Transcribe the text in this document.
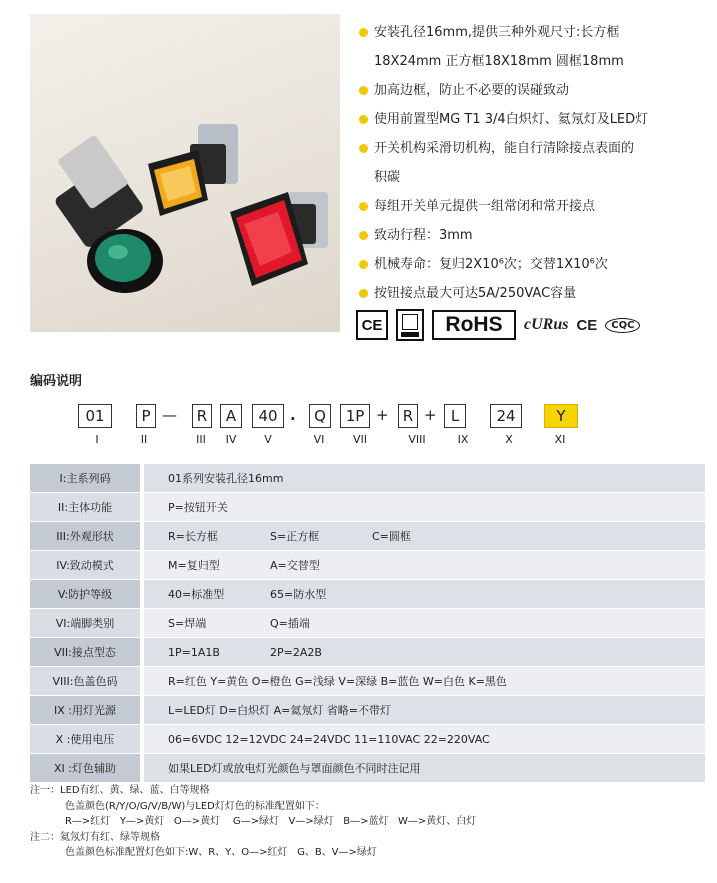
安装孔径16mm,提供三种外观尺寸:长方框
18X24mm 正方框18X18mm 圆框18mm
加高边框，防止不必要的误碰致动
使用前置型MG T1 3/4白炽灯、氦氖灯及LED灯
开关机构采滑切机构，能自行清除接点表面的
积碳
每组开关单元提供一组常闭和常开接点
致动行程：3mm
机械寿命：复归2X10⁶次；交替1X10⁶次
按钮接点最大可达5A/250VAC容量
CE	RoHS	cURus CE	CQC
编码说明
01	P —	R	A	40 .	Q	1P + R + L	24	Y
I	II	III	IV	V	VI	VII	VIII	IX	X	XI
I:主系列码		01系列安装孔径16mm
II:主体功能		P=按钮开关
III:外观形状		R=长方框 S=正方框 C=圆框
IV:致动模式		M=复归型 A=交替型
V:防护等级		40=标准型 65=防水型
VI:端脚类别		S=焊端 Q=插端
VII:接点型态		1P=1A1B 2P=2A2B
VIII:色盖色码		R=红色 Y=黄色 O=橙色 G=浅绿 V=深绿 B=蓝色 W=白色 K=黑色
IX :用灯光源		L=LED灯 D=白炽灯 A=氦氖灯 省略=不带灯
X :使用电压		06=6VDC 12=12VDC 24=24VDC 11=110VAC 22=220VAC
XI :灯色辅助		如果LED灯或放电灯光颜色与罩面颜色不同时注记用
注一：LED有红、黄、绿、蓝、白等规格
色盖颜色(R/Y/O/G/V/B/W)与LED灯灯色的标准配置如下：
R—>红灯   Y—>黄灯   O—>黄灯    G—>绿灯   V—>绿灯   B—>蓝灯   W—>黄灯、白灯
注二：氦氖灯有红、绿等规格
色盖颜色标准配置灯色如下:W、R、Y、O—>红灯   G、B、V—>绿灯
